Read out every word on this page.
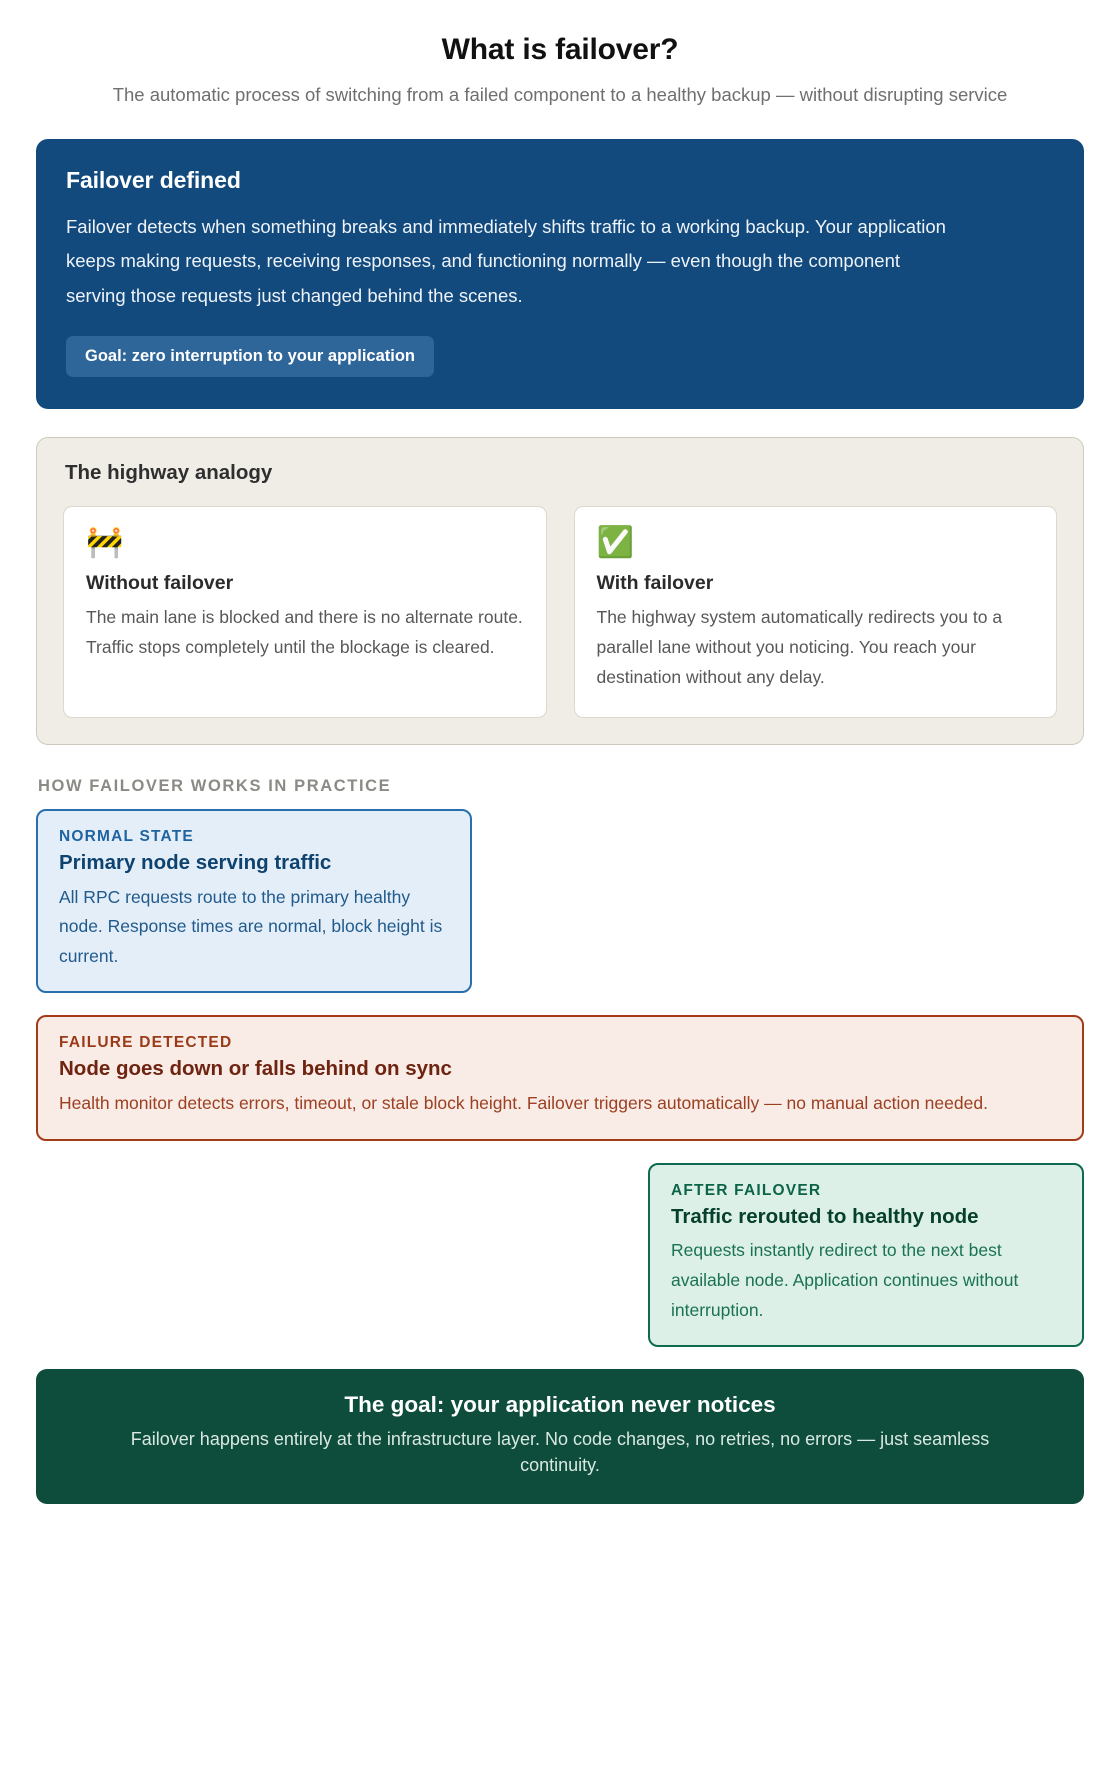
What is failover?

The automatic process of switching from a failed component to a healthy backup — without disrupting service

Failover defined

Failover detects when something breaks and immediately shifts traffic to a working backup. Your application keeps making requests, receiving responses, and functioning normally — even though the component serving those requests just changed behind the scenes.

Goal: zero interruption to your application
The highway analogy
🚧
Without failover

The main lane is blocked and there is no alternate route. Traffic stops completely until the blockage is cleared.

✅
With failover

The highway system automatically redirects you to a parallel lane without you noticing. You reach your destination without any delay.

HOW FAILOVER WORKS IN PRACTICE
NORMAL STATE
Primary node serving traffic

All RPC requests route to the primary healthy node. Response times are normal, block height is current.

FAILURE DETECTED
Node goes down or falls behind on sync

Health monitor detects errors, timeout, or stale block height. Failover triggers automatically — no manual action needed.

AFTER FAILOVER
Traffic rerouted to healthy node

Requests instantly redirect to the next best available node. Application continues without interruption.

The goal: your application never notices

Failover happens entirely at the infrastructure layer. No code changes, no retries, no errors — just seamless continuity.
